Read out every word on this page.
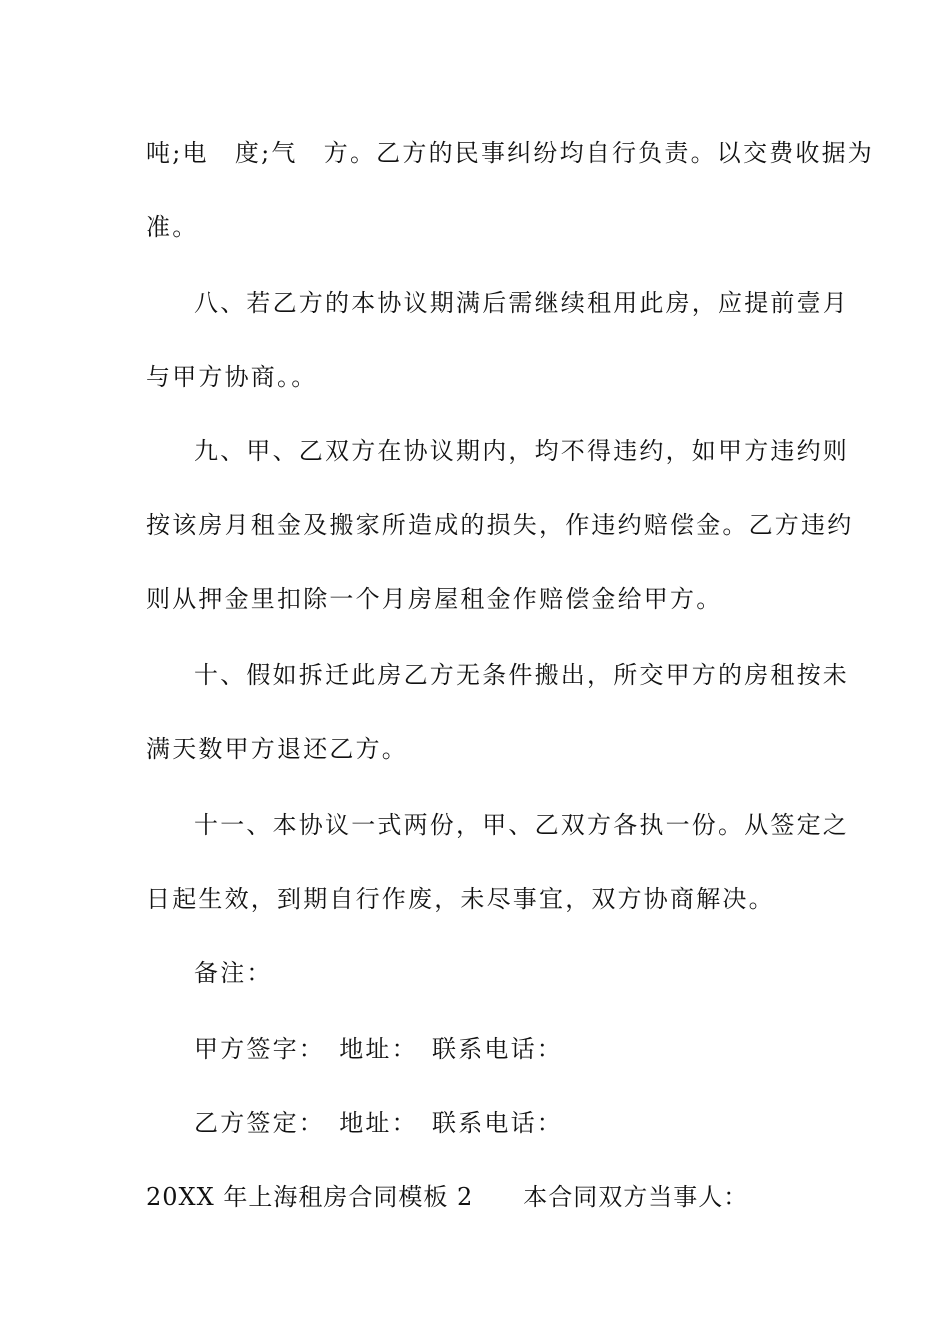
吨;电　度;气　方。乙方的民事纠纷均自行负责。以交费收据为
准。
八、若乙方的本协议期满后需继续租用此房，应提前壹月
与甲方协商。。
九、甲、乙双方在协议期内，均不得违约，如甲方违约则
按该房月租金及搬家所造成的损失，作违约赔偿金。乙方违约
则从押金里扣除一个月房屋租金作赔偿金给甲方。
十、假如拆迁此房乙方无条件搬出，所交甲方的房租按未
满天数甲方退还乙方。
十一、本协议一式两份，甲、乙双方各执一份。从签定之
日起生效，到期自行作废，未尽事宜，双方协商解决。
备注：
甲方签字：　地址：　联系电话：
乙方签定：　地址：　联系电话：
20XX 年上海租房合同模板 2 本合同双方当事人：
